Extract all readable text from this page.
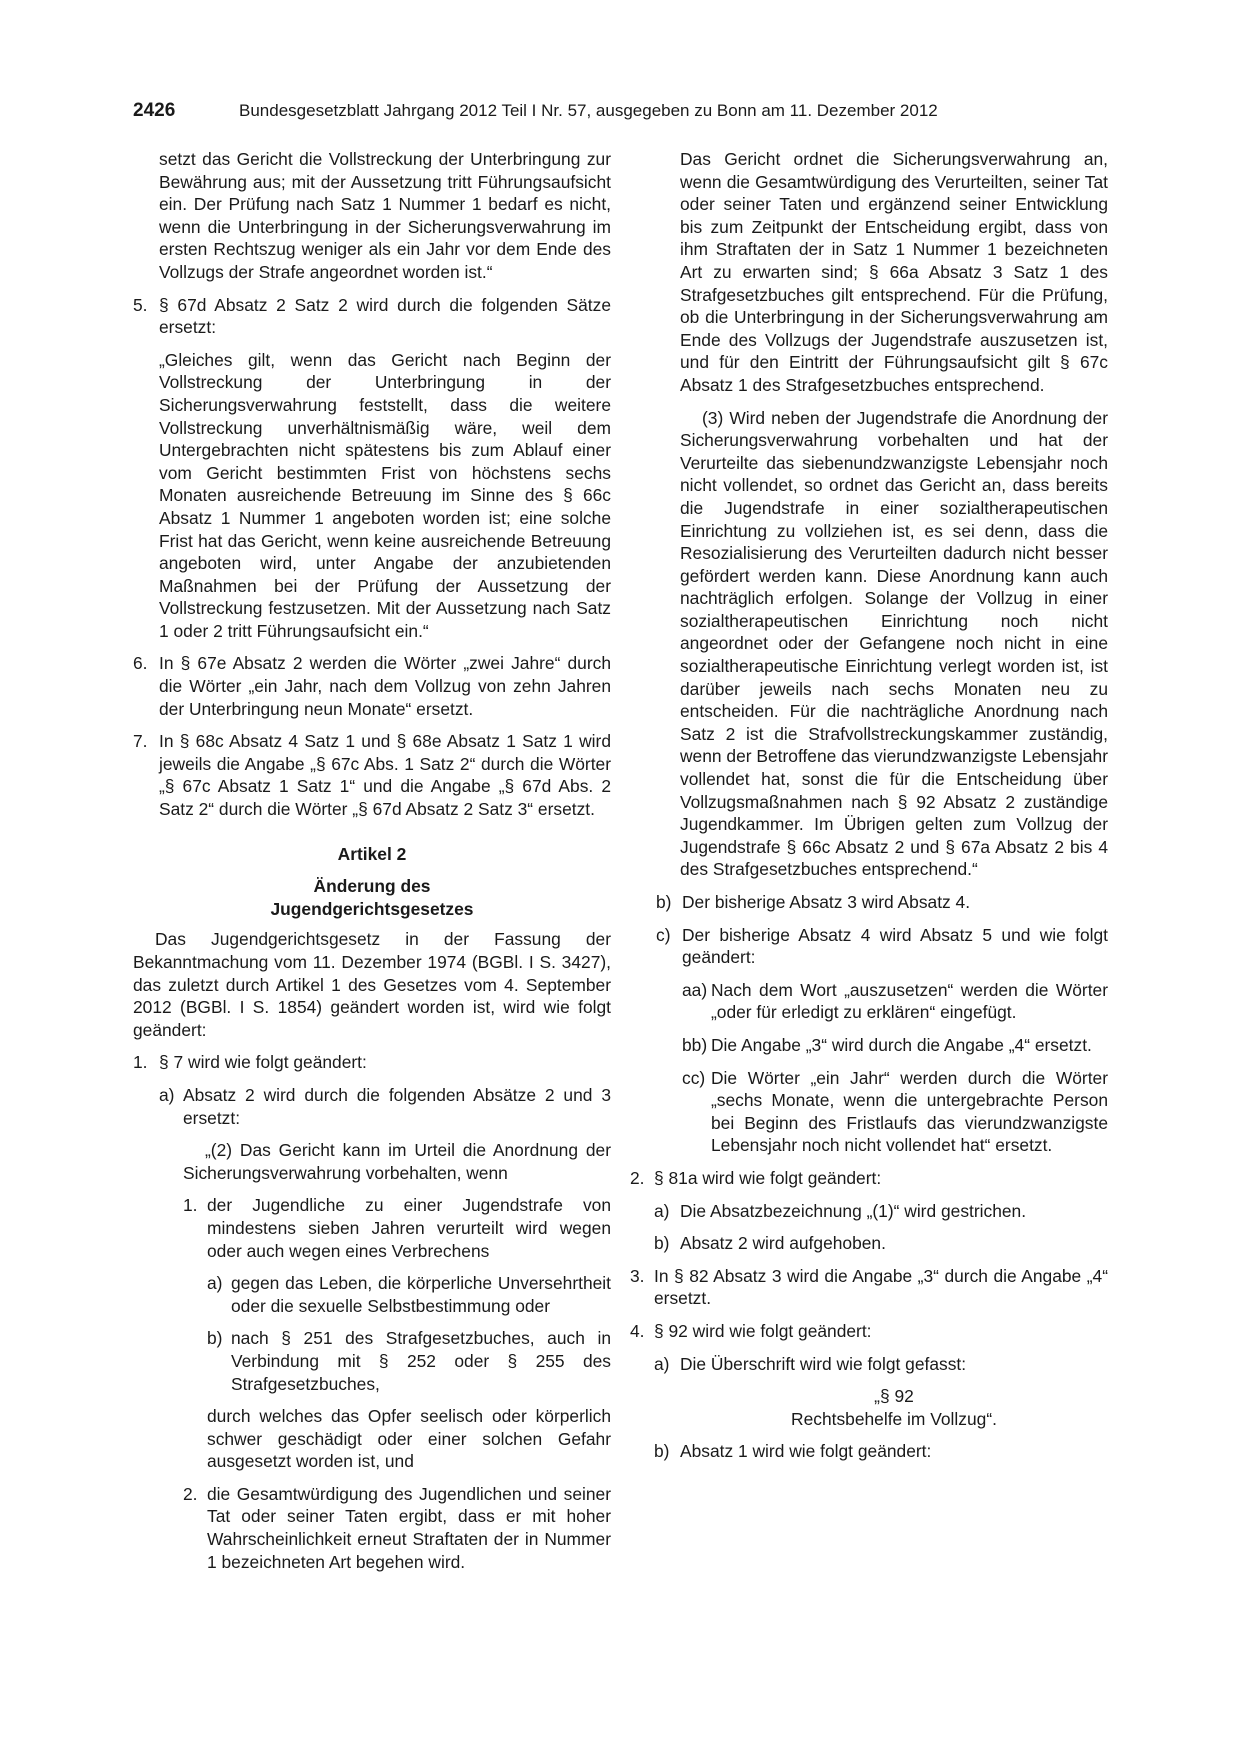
2426	Bundesgesetzblatt Jahrgang 2012 Teil I Nr. 57, ausgegeben zu Bonn am 11. Dezember 2012

setzt das Gericht die Vollstreckung der Unterbringung zur Bewährung aus; mit der Aussetzung tritt Führungsaufsicht ein. Der Prüfung nach Satz 1 Nummer 1 bedarf es nicht, wenn die Unterbringung in der Sicherungsverwahrung im ersten Rechtszug weniger als ein Jahr vor dem Ende des Vollzugs der Strafe angeordnet worden ist.“

5. § 67d Absatz 2 Satz 2 wird durch die folgenden Sätze ersetzt:

„Gleiches gilt, wenn das Gericht nach Beginn der Vollstreckung der Unterbringung in der Sicherungsverwahrung feststellt, dass die weitere Vollstreckung unverhältnismäßig wäre, weil dem Untergebrachten nicht spätestens bis zum Ablauf einer vom Gericht bestimmten Frist von höchstens sechs Monaten ausreichende Betreuung im Sinne des § 66c Absatz 1 Nummer 1 angeboten worden ist; eine solche Frist hat das Gericht, wenn keine ausreichende Betreuung angeboten wird, unter Angabe der anzubietenden Maßnahmen bei der Prüfung der Aussetzung der Vollstreckung festzusetzen. Mit der Aussetzung nach Satz 1 oder 2 tritt Führungsaufsicht ein.“

6. In § 67e Absatz 2 werden die Wörter „zwei Jahre“ durch die Wörter „ein Jahr, nach dem Vollzug von zehn Jahren der Unterbringung neun Monate“ ersetzt.

7. In § 68c Absatz 4 Satz 1 und § 68e Absatz 1 Satz 1 wird jeweils die Angabe „§ 67c Abs. 1 Satz 2“ durch die Wörter „§ 67c Absatz 1 Satz 1“ und die Angabe „§ 67d Abs. 2 Satz 2“ durch die Wörter „§ 67d Absatz 2 Satz 3“ ersetzt.

Artikel 2
Änderung des
Jugendgerichtsgesetzes

Das Jugendgerichtsgesetz in der Fassung der Bekanntmachung vom 11. Dezember 1974 (BGBl. I S. 3427), das zuletzt durch Artikel 1 des Gesetzes vom 4. September 2012 (BGBl. I S. 1854) geändert worden ist, wird wie folgt geändert:

1. § 7 wird wie folgt geändert:

a) Absatz 2 wird durch die folgenden Absätze 2 und 3 ersetzt:

„(2) Das Gericht kann im Urteil die Anordnung der Sicherungsverwahrung vorbehalten, wenn

1. der Jugendliche zu einer Jugendstrafe von mindestens sieben Jahren verurteilt wird wegen oder auch wegen eines Verbrechens

a) gegen das Leben, die körperliche Unversehrtheit oder die sexuelle Selbstbestimmung oder

b) nach § 251 des Strafgesetzbuches, auch in Verbindung mit § 252 oder § 255 des Strafgesetzbuches,

durch welches das Opfer seelisch oder körperlich schwer geschädigt oder einer solchen Gefahr ausgesetzt worden ist, und

2. die Gesamtwürdigung des Jugendlichen und seiner Tat oder seiner Taten ergibt, dass er mit hoher Wahrscheinlichkeit erneut Straftaten der in Nummer 1 bezeichneten Art begehen wird.

Das Gericht ordnet die Sicherungsverwahrung an, wenn die Gesamtwürdigung des Verurteilten, seiner Tat oder seiner Taten und ergänzend seiner Entwicklung bis zum Zeitpunkt der Entscheidung ergibt, dass von ihm Straftaten der in Satz 1 Nummer 1 bezeichneten Art zu erwarten sind; § 66a Absatz 3 Satz 1 des Strafgesetzbuches gilt entsprechend. Für die Prüfung, ob die Unterbringung in der Sicherungsverwahrung am Ende des Vollzugs der Jugendstrafe auszusetzen ist, und für den Eintritt der Führungsaufsicht gilt § 67c Absatz 1 des Strafgesetzbuches entsprechend.

(3) Wird neben der Jugendstrafe die Anordnung der Sicherungsverwahrung vorbehalten und hat der Verurteilte das siebenundzwanzigste Lebensjahr noch nicht vollendet, so ordnet das Gericht an, dass bereits die Jugendstrafe in einer sozialtherapeutischen Einrichtung zu vollziehen ist, es sei denn, dass die Resozialisierung des Verurteilten dadurch nicht besser gefördert werden kann. Diese Anordnung kann auch nachträglich erfolgen. Solange der Vollzug in einer sozialtherapeutischen Einrichtung noch nicht angeordnet oder der Gefangene noch nicht in eine sozialtherapeutische Einrichtung verlegt worden ist, ist darüber jeweils nach sechs Monaten neu zu entscheiden. Für die nachträgliche Anordnung nach Satz 2 ist die Strafvollstreckungskammer zuständig, wenn der Betroffene das vierundzwanzigste Lebensjahr vollendet hat, sonst die für die Entscheidung über Vollzugsmaßnahmen nach § 92 Absatz 2 zuständige Jugendkammer. Im Übrigen gelten zum Vollzug der Jugendstrafe § 66c Absatz 2 und § 67a Absatz 2 bis 4 des Strafgesetzbuches entsprechend.“

b) Der bisherige Absatz 3 wird Absatz 4.

c) Der bisherige Absatz 4 wird Absatz 5 und wie folgt geändert:

aa) Nach dem Wort „auszusetzen“ werden die Wörter „oder für erledigt zu erklären“ eingefügt.

bb) Die Angabe „3“ wird durch die Angabe „4“ ersetzt.

cc) Die Wörter „ein Jahr“ werden durch die Wörter „sechs Monate, wenn die untergebrachte Person bei Beginn des Fristlaufs das vierundzwanzigste Lebensjahr noch nicht vollendet hat“ ersetzt.

2. § 81a wird wie folgt geändert:

a) Die Absatzbezeichnung „(1)“ wird gestrichen.

b) Absatz 2 wird aufgehoben.

3. In § 82 Absatz 3 wird die Angabe „3“ durch die Angabe „4“ ersetzt.

4. § 92 wird wie folgt geändert:

a) Die Überschrift wird wie folgt gefasst:

„§ 92

Rechtsbehelfe im Vollzug“.

b) Absatz 1 wird wie folgt geändert:
